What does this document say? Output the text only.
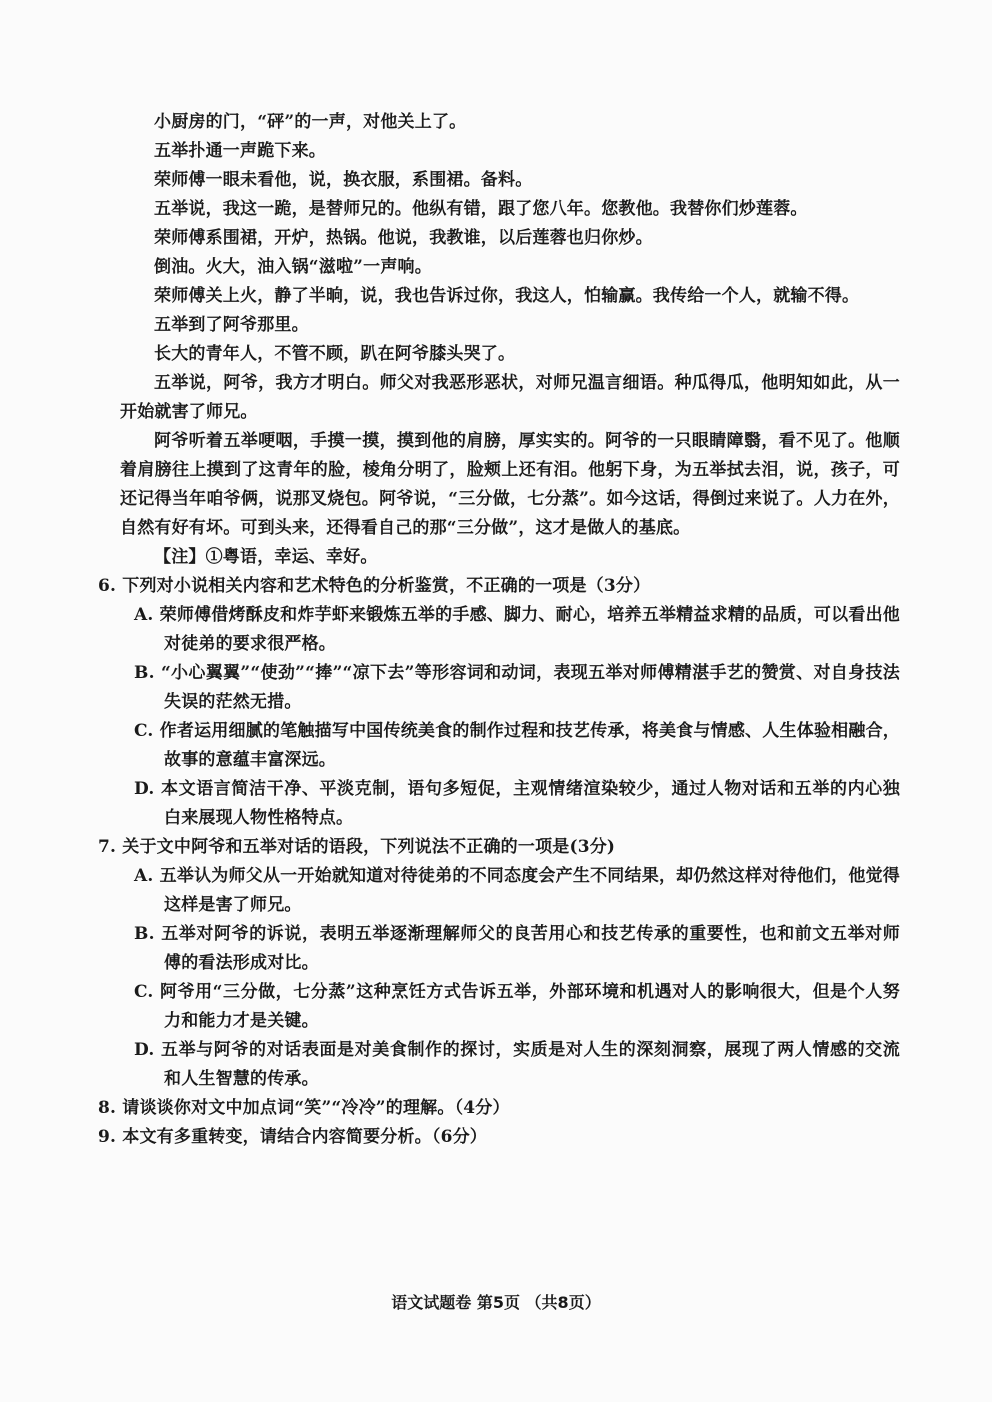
小厨房的门，“砰”的一声，对他关上了。

五举扑通一声跪下来。

荣师傅一眼未看他，说，换衣服，系围裙。备料。

五举说，我这一跪，是替师兄的。他纵有错，跟了您八年。您教他。我替你们炒莲蓉。

荣师傅系围裙，开炉，热锅。他说，我教谁，以后莲蓉也归你炒。

倒油。火大，油入锅“滋啦”一声响。

荣师傅关上火，静了半晌，说，我也告诉过你，我这人，怕输赢。我传给一个人，就输不得。

五举到了阿爷那里。

长大的青年人，不管不顾，趴在阿爷膝头哭了。

五举说，阿爷，我方才明白。师父对我恶形恶状，对师兄温言细语。种瓜得瓜，他明知如此，从一开始就害了师兄。

阿爷听着五举哽咽，手摸一摸，摸到他的肩膀，厚实实的。阿爷的一只眼睛障翳，看不见了。他顺着肩膀往上摸到了这青年的脸，棱角分明了，脸颊上还有泪。他躬下身，为五举拭去泪，说，孩子，可还记得当年咱爷俩，说那叉烧包。阿爷说，“三分做，七分蒸”。如今这话，得倒过来说了。人力在外，自然有好有坏。可到头来，还得看自己的那“三分做”，这才是做人的基底。

【注】①粤语，幸运、幸好。

6. 下列对小说相关内容和艺术特色的分析鉴赏，不正确的一项是（3分）

A. 荣师傅借烤酥皮和炸芋虾来锻炼五举的手感、脚力、耐心，培养五举精益求精的品质，可以看出他对徒弟的要求很严格。

B. “小心翼翼”“使劲”“捧”“凉下去”等形容词和动词，表现五举对师傅精湛手艺的赞赏、对自身技法失误的茫然无措。

C. 作者运用细腻的笔触描写中国传统美食的制作过程和技艺传承，将美食与情感、人生体验相融合，故事的意蕴丰富深远。

D. 本文语言简洁干净、平淡克制，语句多短促，主观情绪渲染较少，通过人物对话和五举的内心独白来展现人物性格特点。

7. 关于文中阿爷和五举对话的语段，下列说法不正确的一项是(3分)

A. 五举认为师父从一开始就知道对待徒弟的不同态度会产生不同结果，却仍然这样对待他们，他觉得这样是害了师兄。

B. 五举对阿爷的诉说，表明五举逐渐理解师父的良苦用心和技艺传承的重要性，也和前文五举对师傅的看法形成对比。

C. 阿爷用“三分做，七分蒸”这种烹饪方式告诉五举，外部环境和机遇对人的影响很大，但是个人努力和能力才是关键。

D. 五举与阿爷的对话表面是对美食制作的探讨，实质是对人生的深刻洞察，展现了两人情感的交流和人生智慧的传承。

8. 请谈谈你对文中加点词“笑”“冷冷”的理解。（4分）

9. 本文有多重转变，请结合内容简要分析。（6分）

语文试题卷 第5页 （共8页）
